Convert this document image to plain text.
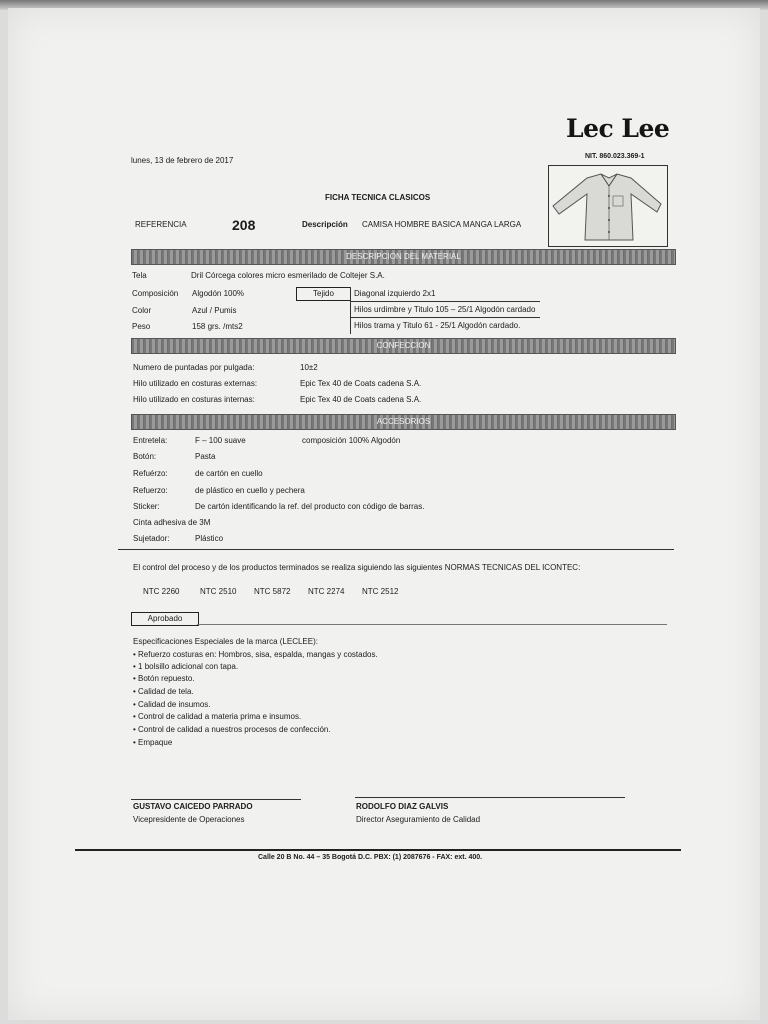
Lec Lee
NIT. 860.023.369-1
lunes, 13 de febrero de 2017
FICHA TECNICA CLASICOS
REFERENCIA	208	Descripción CAMISA HOMBRE BASICA MANGA LARGA
DESCRIPCION DEL MATERIAL
Tela	Dril Córcega colores micro esmerilado de Coltejer S.A.
Composición Algodón 100%
Color	Azul / Pumis
Peso	158 grs. /mts2
Tejido	Diagonal izquierdo 2x1
Hilos urdimbre y Titulo 105 – 25/1 Algodón cardado
Hilos trama y Titulo 61 - 25/1 Algodón cardado.
CONFECCION
Numero de puntadas por pulgada:	10±2
Hilo utilizado en costuras externas:	Epic Tex 40 de Coats cadena S.A.
Hilo utilizado en costuras internas:	Epic Tex 40 de Coats cadena S.A.
ACCESORIOS
Entretela:	F – 100 suave	composición 100% Algodón
Botón:	Pasta
Refuérzo:	de cartón en cuello
Refuerzo:	de plástico en cuello y pechera
Sticker:	De cartón identificando la ref. del producto con código de barras.
Cinta adhesiva de 3M
Sujetador:	Plástico
El control del proceso y de los productos terminados se realiza siguiendo las siguientes NORMAS TECNICAS DEL ICONTEC:
NTC 2260	NTC 2510 NTC 5872 NTC 2274 NTC 2512
Aprobado
Especificaciones Especiales de la marca (LECLEE):
• Refuerzo costuras en: Hombros, sisa, espalda, mangas y costados.
• 1 bolsillo adicional con tapa.
• Botón repuesto.
• Calidad de tela.
• Calidad de insumos.
• Control de calidad a materia prima e insumos.
• Control de calidad a nuestros procesos de confección.
• Empaque
GUSTAVO CAICEDO PARRADO
Vicepresidente de Operaciones
RODOLFO DIAZ GALVIS
Director Aseguramiento de Calidad
Calle 20 B No. 44 – 35 Bogotá D.C. PBX: (1) 2087676 - FAX: ext. 400.
